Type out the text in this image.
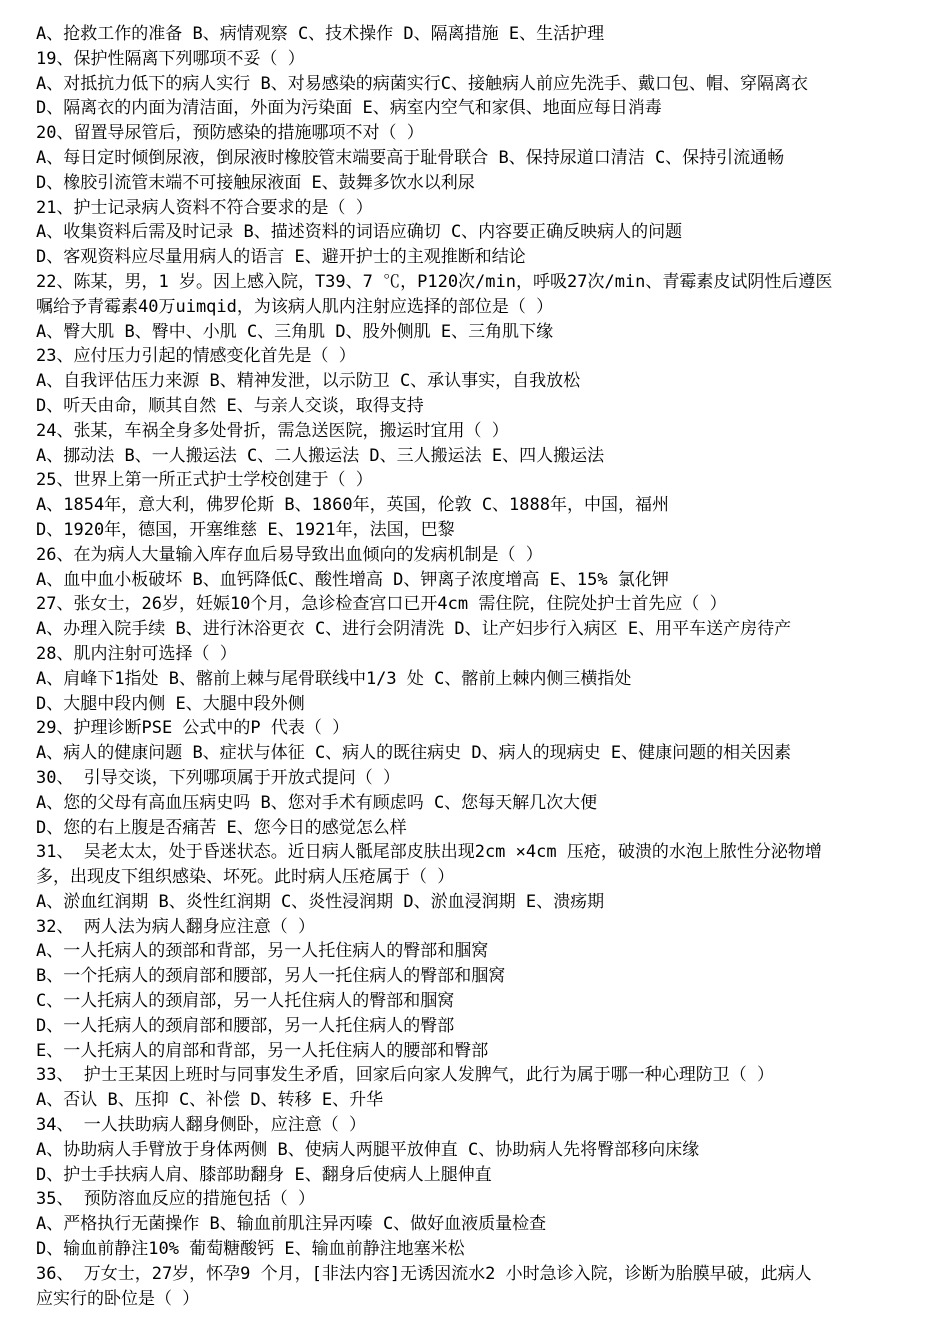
A、抢救工作的准备 B、病情观察 C、技术操作 D、隔离措施 E、生活护理
19、保护性隔离下列哪项不妥（ ）
A、对抵抗力低下的病人实行 B、对易感染的病菌实行C、接触病人前应先洗手、戴口包、帽、穿隔离衣
D、隔离衣的内面为清洁面，外面为污染面 E、病室内空气和家俱、地面应每日消毒
20、留置导尿管后，预防感染的措施哪项不对（ ）
A、每日定时倾倒尿液，倒尿液时橡胶管末端要高于耻骨联合 B、保持尿道口清洁 C、保持引流通畅
D、橡胶引流管末端不可接触尿液面 E、鼓舞多饮水以利尿
21、护士记录病人资料不符合要求的是（ ）
A、收集资料后需及时记录 B、描述资料的词语应确切 C、内容要正确反映病人的问题
D、客观资料应尽量用病人的语言 E、避开护士的主观推断和结论
22、陈某，男，1 岁。因上感入院，T39、7 ℃，P120次/min，呼吸27次/min、青霉素皮试阴性后遵医
嘱给予青霉素40万uimqid，为该病人肌内注射应选择的部位是（ ）
A、臀大肌 B、臀中、小肌 C、三角肌 D、股外侧肌 E、三角肌下缘
23、应付压力引起的情感变化首先是（ ）
A、自我评估压力来源 B、精神发泄，以示防卫 C、承认事实，自我放松
D、听天由命，顺其自然 E、与亲人交谈，取得支持
24、张某，车祸全身多处骨折，需急送医院，搬运时宜用（ ）
A、挪动法 B、一人搬运法 C、二人搬运法 D、三人搬运法 E、四人搬运法
25、世界上第一所正式护士学校创建于（ ）
A、1854年，意大利，佛罗伦斯 B、1860年，英国，伦敦 C、1888年，中国，福州
D、1920年，德国，开塞维慈 E、1921年，法国，巴黎
26、在为病人大量输入库存血后易导致出血倾向的发病机制是（ ）
A、血中血小板破坏 B、血钙降低C、酸性增高 D、钾离子浓度增高 E、15% 氯化钾
27、张女士，26岁，妊娠10个月，急诊检查宫口已开4cm 需住院，住院处护士首先应（ ）
A、办理入院手续 B、进行沐浴更衣 C、进行会阴清洗 D、让产妇步行入病区 E、用平车送产房待产
28、肌内注射可选择（ ）
A、肩峰下1指处 B、髂前上棘与尾骨联线中1/3 处 C、髂前上棘内侧三横指处
D、大腿中段内侧 E、大腿中段外侧
29、护理诊断PSE 公式中的P 代表（ ）
A、病人的健康问题 B、症状与体征 C、病人的既往病史 D、病人的现病史 E、健康问题的相关因素
30、 引导交谈，下列哪项属于开放式提问（ ）
A、您的父母有高血压病史吗 B、您对手术有顾虑吗 C、您每天解几次大便
D、您的右上腹是否痛苦 E、您今日的感觉怎么样
31、 吴老太太，处于昏迷状态。近日病人骶尾部皮肤出现2cm ×4cm 压疮，破溃的水泡上脓性分泌物增
多，出现皮下组织感染、坏死。此时病人压疮属于（ ）
A、淤血红润期 B、炎性红润期 C、炎性浸润期 D、淤血浸润期 E、溃疡期
32、 两人法为病人翻身应注意（ ）
A、一人托病人的颈部和背部，另一人托住病人的臀部和腘窝
B、一个托病人的颈肩部和腰部，另人一托住病人的臀部和腘窝
C、一人托病人的颈肩部，另一人托住病人的臀部和腘窝
D、一人托病人的颈肩部和腰部，另一人托住病人的臀部
E、一人托病人的肩部和背部，另一人托住病人的腰部和臀部
33、 护士王某因上班时与同事发生矛盾，回家后向家人发脾气，此行为属于哪一种心理防卫（ ）
A、否认 B、压抑 C、补偿 D、转移 E、升华
34、 一人扶助病人翻身侧卧，应注意（ ）
A、协助病人手臂放于身体两侧 B、使病人两腿平放伸直 C、协助病人先将臀部移向床缘
D、护士手扶病人肩、膝部助翻身 E、翻身后使病人上腿伸直
35、 预防溶血反应的措施包括（ ）
A、严格执行无菌操作 B、输血前肌注异丙嗪 C、做好血液质量检查
D、输血前静注10% 葡萄糖酸钙 E、输血前静注地塞米松
36、 万女士，27岁，怀孕9 个月，[非法内容]无诱因流水2 小时急诊入院，诊断为胎膜早破，此病人
应实行的卧位是（ ）
